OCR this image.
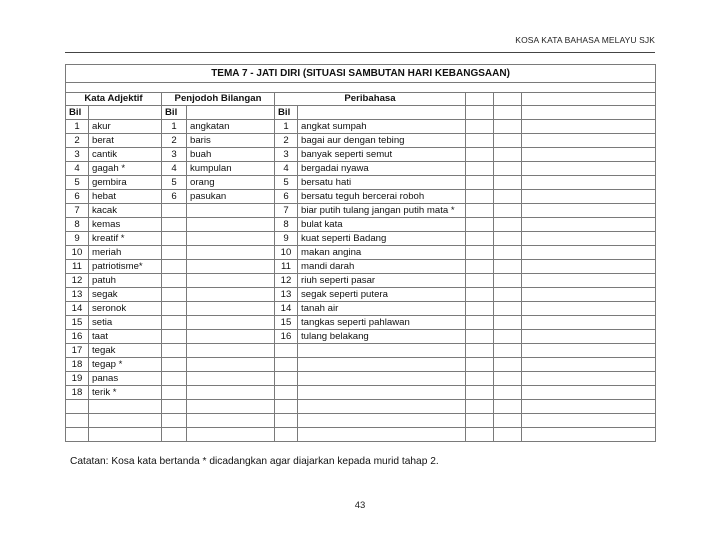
KOSA KATA BAHASA MELAYU SJK
TEMA 7 - JATI DIRI (SITUASI SAMBUTAN HARI KEBANGSAAN)								

Kata Adjektif		Penjodoh Bilangan		Peribahasa				
Bil		Bil		Bil				
1	akur	1	angkatan	1	angkat sumpah			
2	berat	2	baris	2	bagai aur dengan tebing			
3	cantik	3	buah	3	banyak seperti semut			
4	gagah *	4	kumpulan	4	bergadai nyawa			
5	gembira	5	orang	5	bersatu hati			
6	hebat	6	pasukan	6	bersatu teguh bercerai roboh			
7	kacak			7	biar putih tulang jangan putih mata *			
8	kemas			8	bulat kata			
9	kreatif *			9	kuat seperti Badang			
10	meriah			10	makan angina			
11	patriotisme*			11	mandi darah			
12	patuh			12	riuh seperti pasar			
13	segak			13	segak seperti putera			
14	seronok			14	tanah air			
15	setia			15	tangkas seperti pahlawan			
16	taat			16	tulang belakang			
17	tegak							
18	tegap *							
19	panas							
18	terik *							

Catatan: Kosa kata bertanda * dicadangkan agar diajarkan kepada murid tahap 2.
43
